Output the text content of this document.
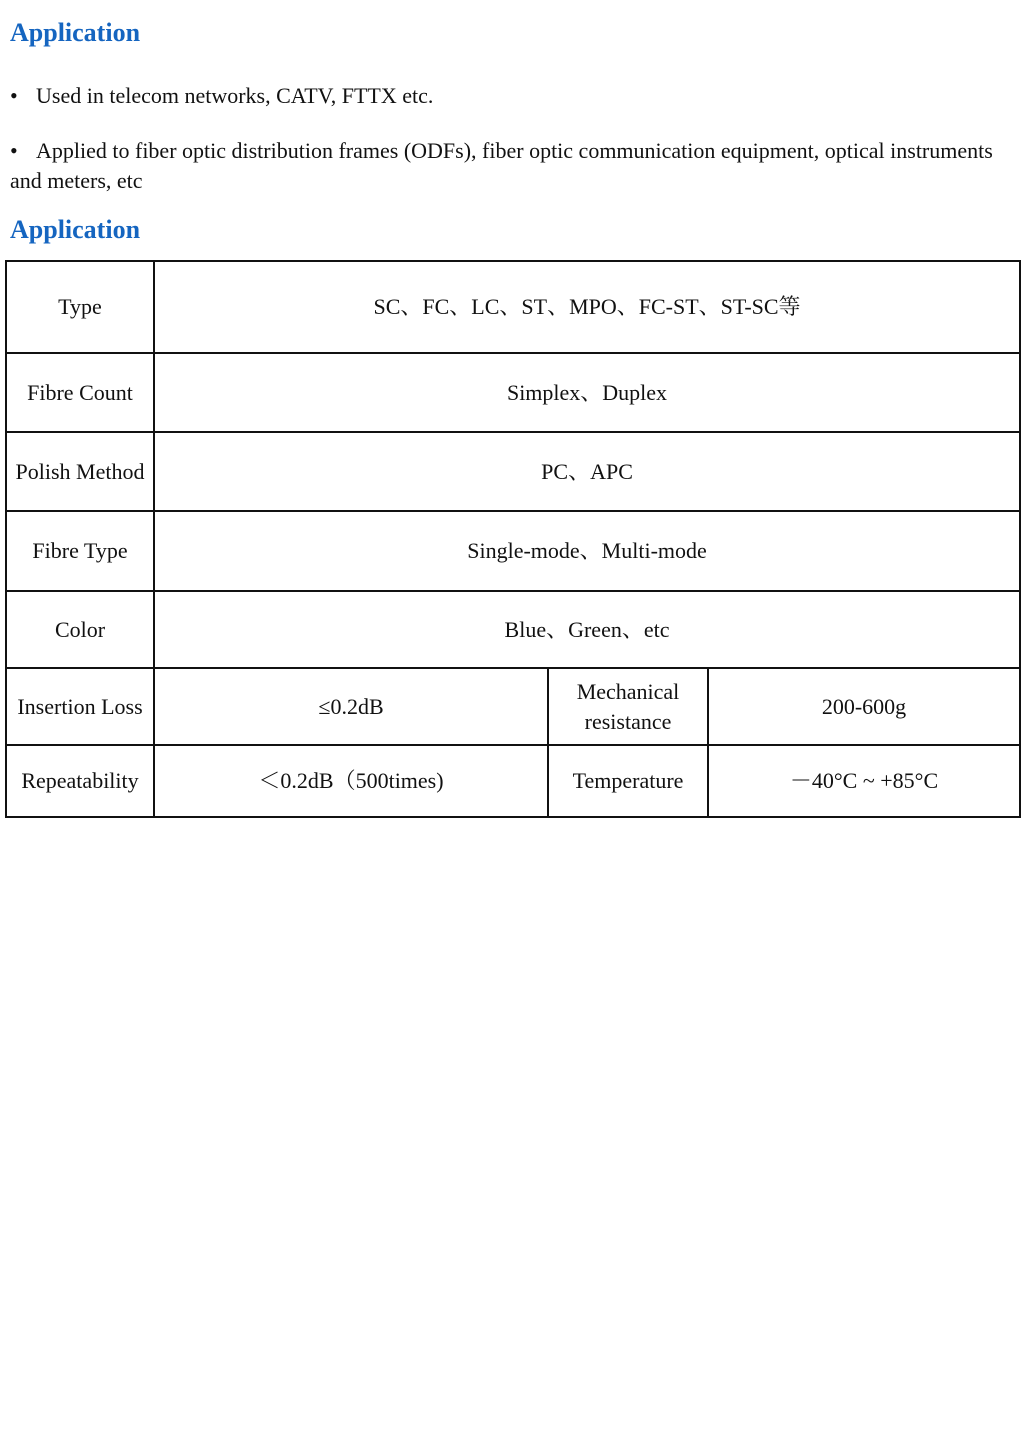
Application

• Used in telecom networks, CATV, FTTX etc.

• Applied to fiber optic distribution frames (ODFs), fiber optic communication equipment, optical instruments and meters, etc

Application
Type	SC、FC、LC、ST、MPO、FC-ST、ST-SC等		
Fibre Count	Simplex、Duplex		
Polish Method	PC、APC		
Fibre Type	Single-mode、Multi-mode		
Color	Blue、Green、etc		
Insertion Loss	≤0.2dB	Mechanical resistance	200-600g
Repeatability	＜0.2dB（500times)	Temperature	－40°C ~ +85°C
